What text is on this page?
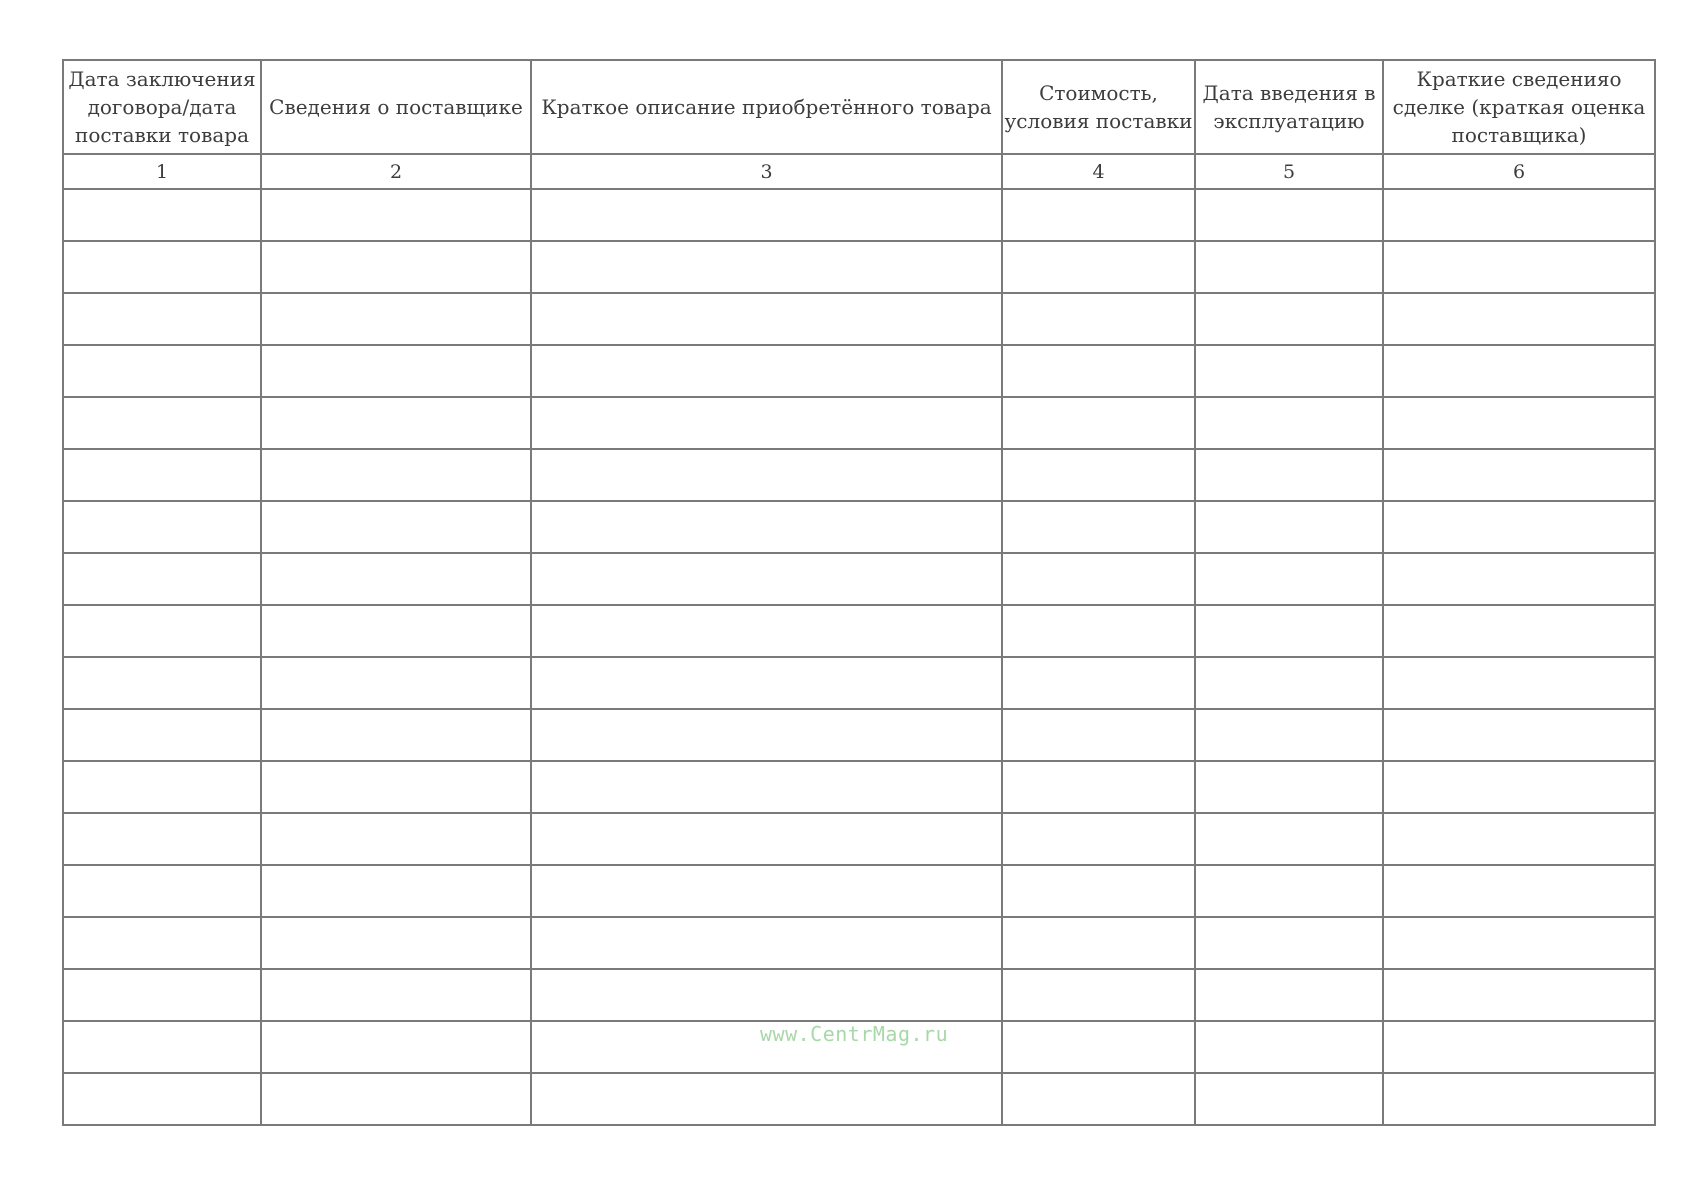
Дата заключения договора/дата поставки товара	Сведения о поставщике	Краткое описание приобретённого товара	Стоимость, условия поставки	Дата введения в эксплуатацию	Краткие сведенияо сделке (краткая оценка поставщика)

1	2	3	4	5	6

www.CentrMag.ru
